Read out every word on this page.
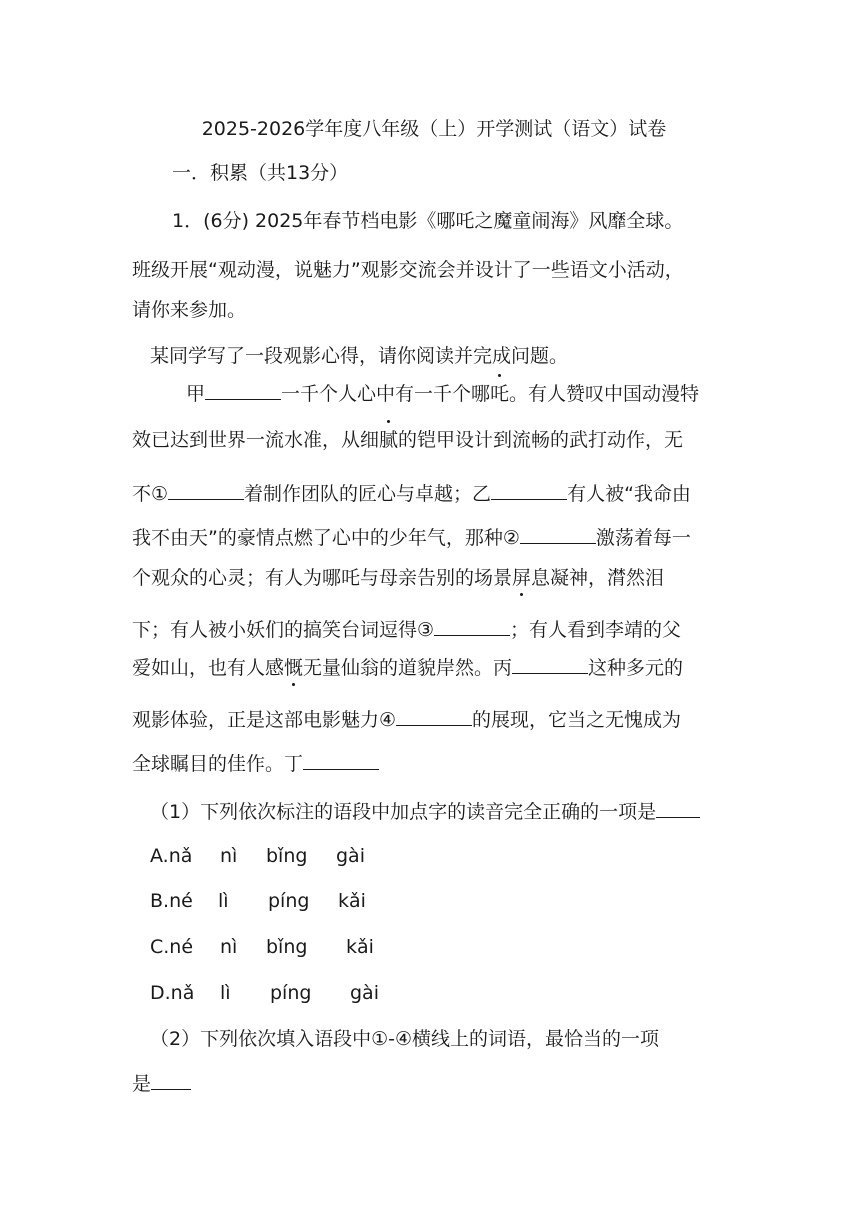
2025-2026学年度八年级（上）开学测试（语文）试卷
一．积累（共13分）
1．(6分) 2025年春节档电影《哪吒之魔童闹海》风靡全球。
班级开展“观动漫，说魅力”观影交流会并设计了一些语文小活动，
请你来参加。
某同学写了一段观影心得，请你阅读并完成问题。
甲	一千个人心中有一千个哪吒。有人赞叹中国动漫特
效已达到世界一流水准，从细腻的铠甲设计到流畅的武打动作，无
不①	着制作团队的匠心与卓越；乙	有人被“我命由
我不由天”的豪情点燃了心中的少年气，那种②	激荡着每一
个观众的心灵；有人为哪吒与母亲告别的场景屏息凝神，潸然泪
下；有人被小妖们的搞笑台词逗得③	；有人看到李靖的父
爱如山，也有人感慨无量仙翁的道貌岸然。丙	这种多元的
观影体验，正是这部电影魅力④	的展现，它当之无愧成为
全球瞩目的佳作。丁
（1）下列依次标注的语段中加点字的读音完全正确的一项是
A.nǎ nì bǐng gài
B.né lì píng kǎi
C.né nì bǐng kǎi
D.nǎ lì píng gài
（2）下列依次填入语段中①-④横线上的词语，最恰当的一项
是
